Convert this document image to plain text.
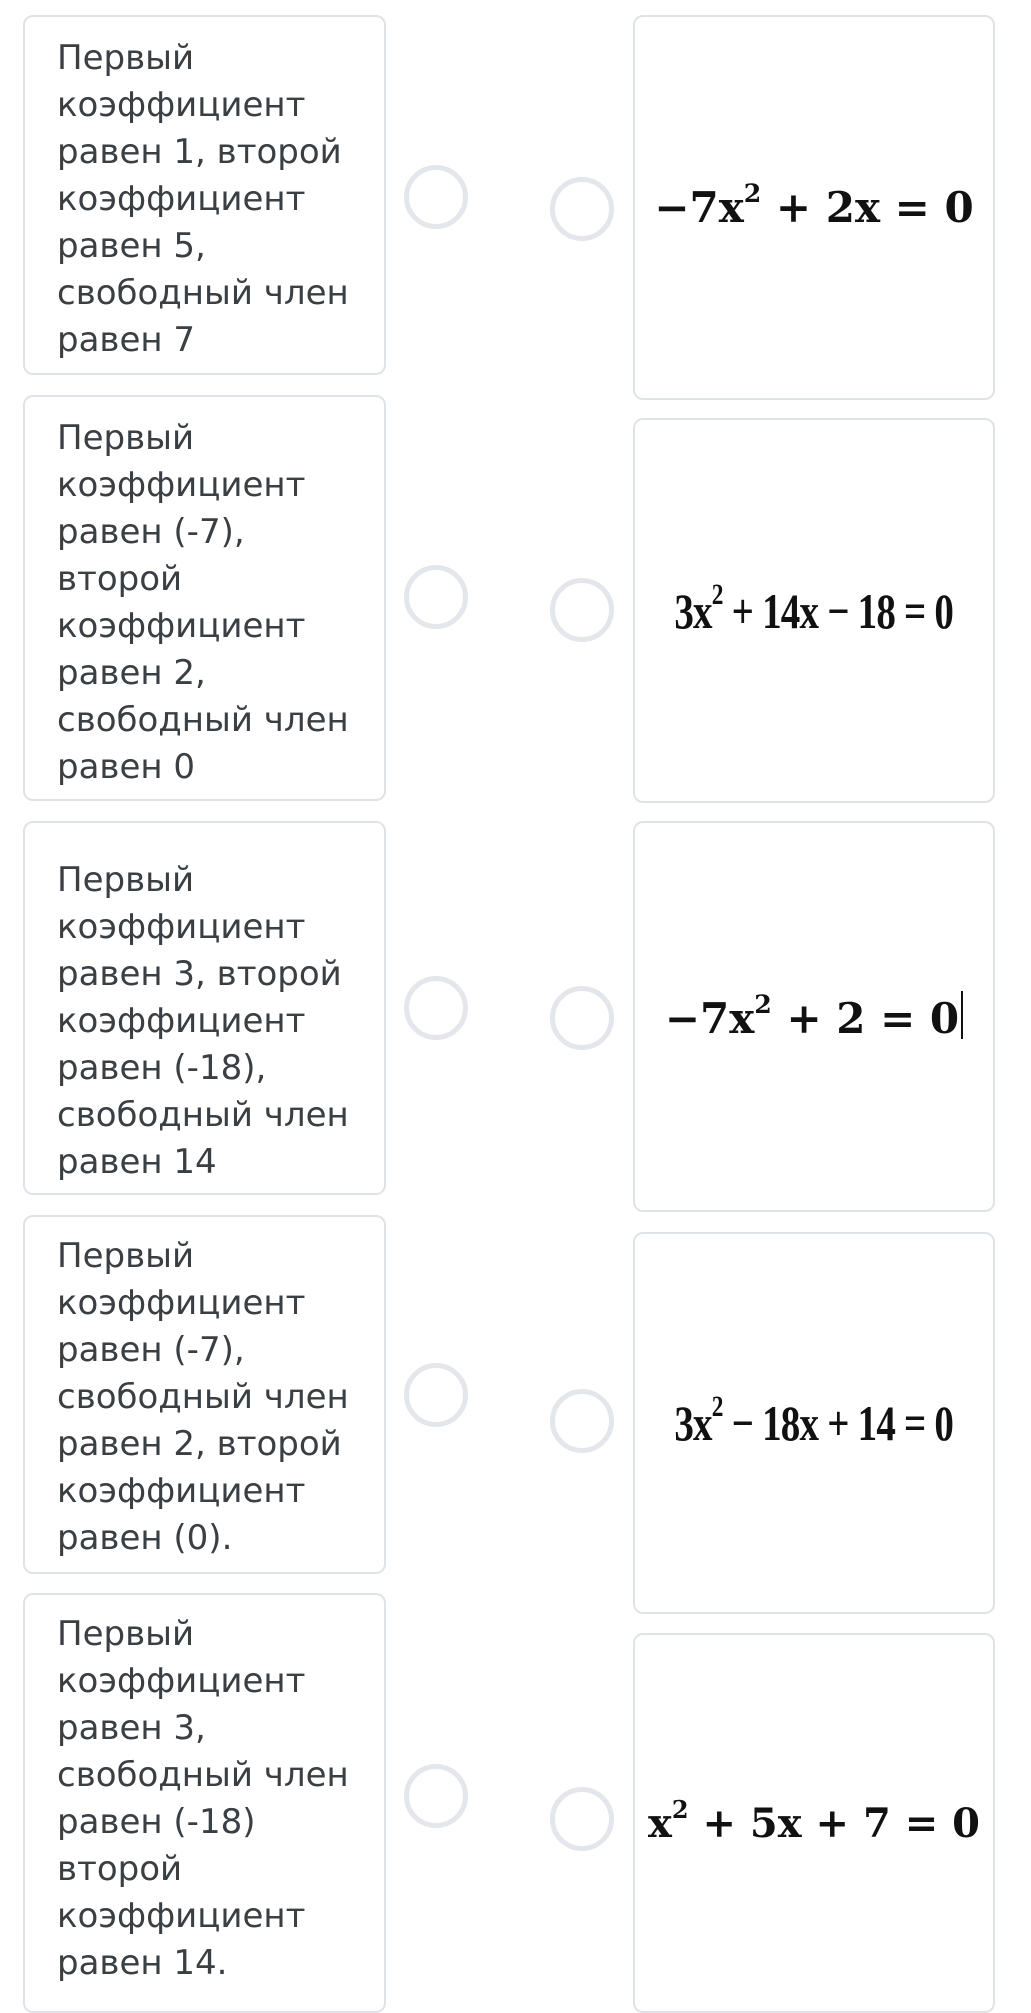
Первый коэффициент равен 1, второй коэффициент равен 5, свободный член равен 7
Первый коэффициент равен (-7), второй коэффициент равен 2, свободный член равен 0
Первый коэффициент равен 3, второй коэффициент равен (-18), свободный член равен 14
Первый коэффициент равен (-7), свободный член равен 2, второй коэффициент равен (0).
Первый коэффициент равен 3, свободный член равен (-18) второй коэффициент равен 14.
$-7x^2 + 2x = 0$
$3x^2 + 14x - 18 = 0$
$-7x^2 + 2 = 0$
$3x^2 - 18x + 14 = 0$
$x^2 + 5x + 7 = 0$
